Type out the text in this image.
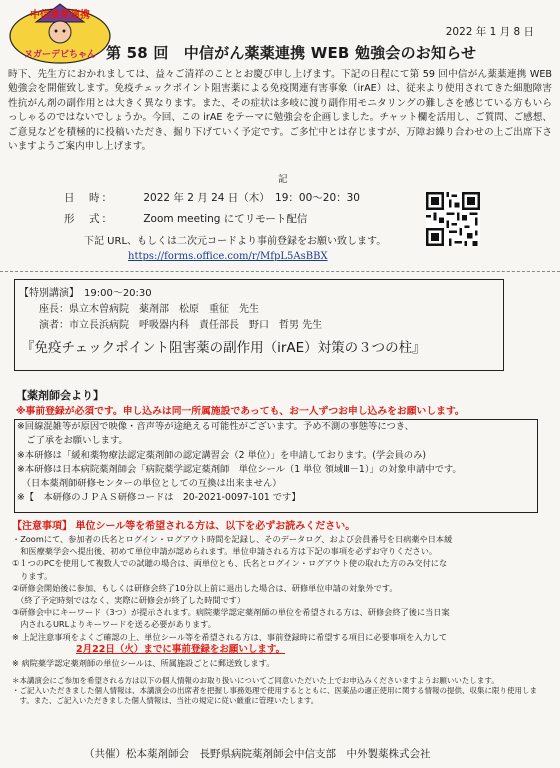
中信薬薬連携
ヌガーデビちゃん
2022 年 1 月 8 日
第 58 回　中信がん薬薬連携 WEB 勉強会のお知らせ
時下、先生方におかれましては、益々ご清祥のこととお慶び申し上げます。下記の日程にて第 59 回中信がん薬薬連携 WEB 勉強会を開催致します。免疫チェックポイント阻害薬による免疫関連有害事象（irAE）は、従来より使用されてきた細胞障害性抗がん剤の副作用とは大きく異なります。また、その症状は多岐に渡り副作用モニタリングの難しさを感じている方もいらっしゃるのではないでしょうか。今回、この irAE をテーマに勉強会を企画しました。チャット欄を活用し、ご質問、ご感想、ご意見などを積極的に投稿いただき、掘り下げていく予定です。ご多忙中とは存じますが、万障お繰り合わせの上ご出席下さいますようご案内申し上げます。
記
日　時：	2022 年 2 月 24 日（木）　19：00～20：30
形　式：	Zoom meeting にてリモート配信
下記 URL、もしくは二次元コードより事前登録をお願い致します。
https://forms.office.com/r/MfpL5AsBBX
【特別講演】　19:00～20:30
座長：県立木曽病院　薬剤部　松原　重征　先生
演者：市立長浜病院　呼吸器内科　責任部長　野口　哲男 先生
『免疫チェックポイント阻害薬の副作用（irAE）対策の３つの柱』
【薬剤師会より】
※事前登録が必須です。申し込みは同一所属施設であっても、お一人ずつお申し込みをお願いします。
※回線混雑等が原因で映像・音声等が途絶える可能性がございます。予め不測の事態等につき、
　ご了承をお願いします。
※本研修は「緩和薬物療法認定薬剤師の認定講習会（2 単位）」を申請しております。(学会員のみ)
※本研修は日本病院薬剤師会「病院薬学認定薬剤師　単位シール（1 単位 領域Ⅲ－1）」の対象申請中です。
　（日本薬剤師研修センターの単位としての互換は出来ません）
※【　本研修のＪＰＡＳ研修コードは　20-2021-0097-101 です】
【注意事項】 単位シール等を希望される方は、以下を必ずお読みください。
・Zoomにて、参加者の氏名とログイン・ログアウト時間を記録し、そのデータログ、および会員番号を日病薬や日本緩
　和医療薬学会へ提出後、初めて単位申請が認められます。単位申請される方は下記の事項を必ずお守りください。
①１つのPCを使用して複数人での試聴の場合は、両単位とも、氏名とログイン・ログアウト使の取れた方のみ交付にな
　ります。
②研修会開始後に参加、もしくは研修会終了10分以上前に退出した場合は、研修単位申請の対象外です。
　（終了予定時刻ではなく、実際に研修会が終了した時間です）
③研修会中にキーワード（3つ）が提示されます。病院薬学認定薬剤師の単位を希望される方は、研修会終了後に当日案
　内されるURLよりキーワードを送る必要があります。
※ 上記注意事項をよくご確認の上、単位シール等を希望される方は、事前登録時に希望する項目に必要事項を入力して
2月22日（火）までに事前登録をお願いします。
※ 病院薬学認定薬剤師の単位シールは、所属施設ごとに郵送致します。
＊本講演会にご参加を希望される方は以下の個人情報のお取り扱いについてご同意いただいた上でお申込みくださいますようお願いいたします。
・ご記入いただきました個人情報は、本講演会の出席者を把握し事務処理で使用するとともに、医薬品の適正使用に関する情報の提供、収集に限り使用しま
　す。また、ご記入いただきました個人情報は、当社の規定に従い厳重に管理いたします。
（共催）松本薬剤師会　長野県病院薬剤師会中信支部　中外製薬株式会社
